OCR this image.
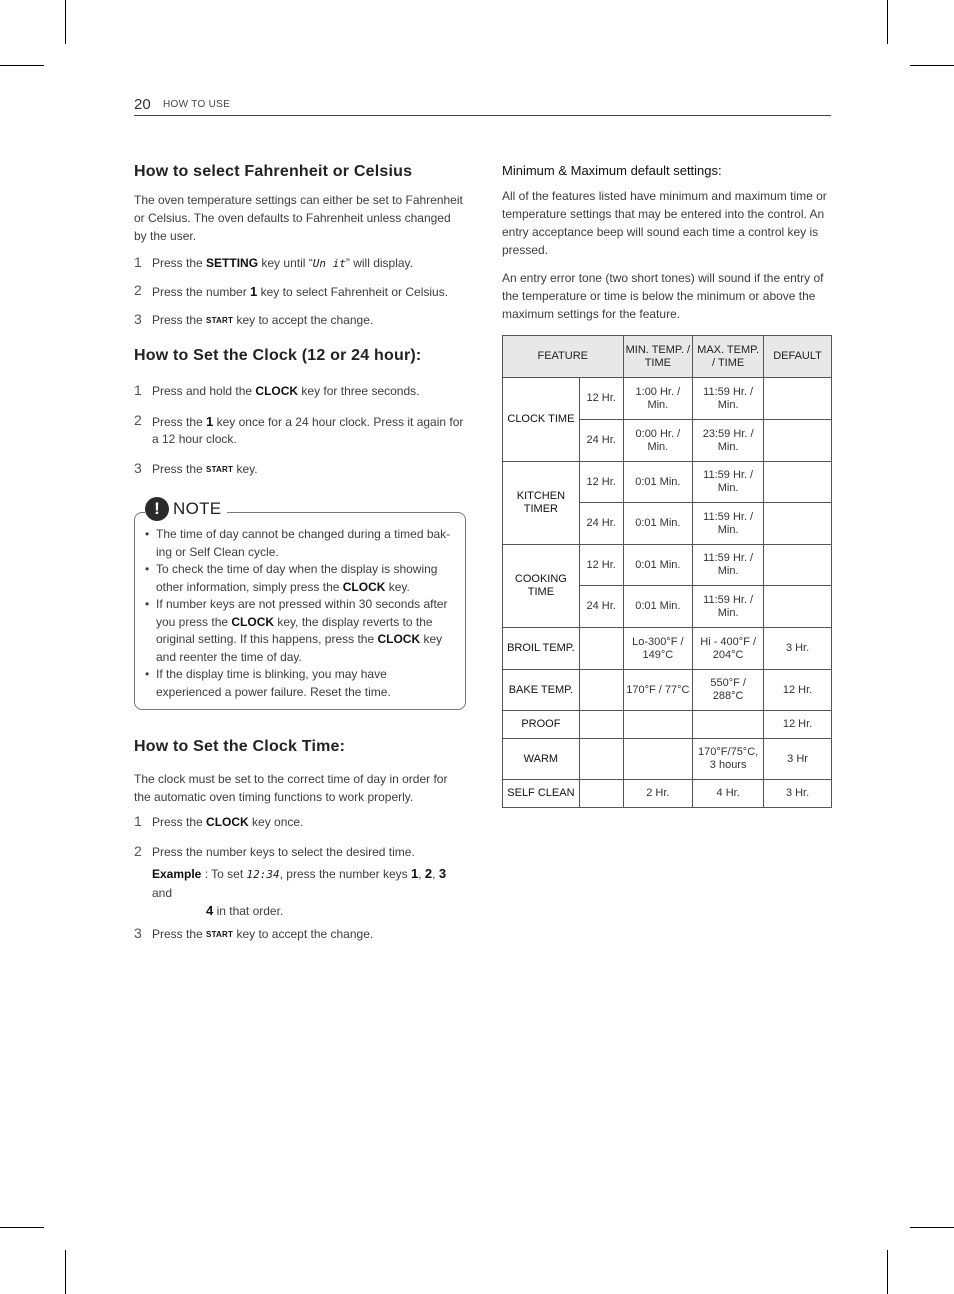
20 HOW TO USE
How to select Fahrenheit or Celsius

The oven temperature settings can either be set to Fahrenheit or Celsius. The oven defaults to Fahrenheit unless changed by the user.

1 Press the SETTING key until “Un it” will display.
2 Press the number 1 key to select Fahrenheit or Celsius.
3 Press the START key to accept the change.
How to Set the Clock (12 or 24 hour):
1 Press and hold the CLOCK key for three seconds.
2 Press the 1 key once for a 24 hour clock. Press it again for a 12 hour clock.
3 Press the START key.
! NOTE
• The time of day cannot be changed during a timed bak-ing or Self Clean cycle.
• To check the time of day when the display is showing other information, simply press the CLOCK key.
• If number keys are not pressed within 30 seconds after you press the CLOCK key, the display reverts to the original setting. If this happens, press the CLOCK key and reenter the time of day.
• If the display time is blinking, you may have experienced a power failure. Reset the time.
How to Set the Clock Time:

The clock must be set to the correct time of day in order for the automatic oven timing functions to work properly.

1 Press the CLOCK key once.
2 Press the number keys to select the desired time.
Example : To set 12:34, press the number keys 1, 2, 3 and
4 in that order.
3 Press the START key to accept the change.
Minimum & Maximum default settings:

All of the features listed have minimum and maximum time or temperature settings that may be entered into the control. An entry acceptance beep will sound each time a control key is pressed.

An entry error tone (two short tones) will sound if the entry of the temperature or time is below the minimum or above the maximum settings for the feature.

FEATURE		MIN. TEMP. / TIME	MAX. TEMP. / TIME	DEFAULT
CLOCK TIME	12 Hr.	1:00 Hr. / Min.	11:59 Hr. / Min.	
	24 Hr.	0:00 Hr. / Min.	23:59 Hr. / Min.	
KITCHEN TIMER	12 Hr.	0:01 Min.	11:59 Hr. / Min.	
	24 Hr.	0:01 Min.	11:59 Hr. / Min.	
COOKING TIME	12 Hr.	0:01 Min.	11:59 Hr. / Min.	
	24 Hr.	0:01 Min.	11:59 Hr. / Min.	
BROIL TEMP.		Lo-300°F / 149°C	Hi - 400°F / 204°C	3 Hr.
BAKE TEMP.		170°F / 77°C	550°F / 288°C	12 Hr.
PROOF				12 Hr.
WARM			170°F/75°C, 3 hours	3 Hr
SELF CLEAN		2 Hr.	4 Hr.	3 Hr.
